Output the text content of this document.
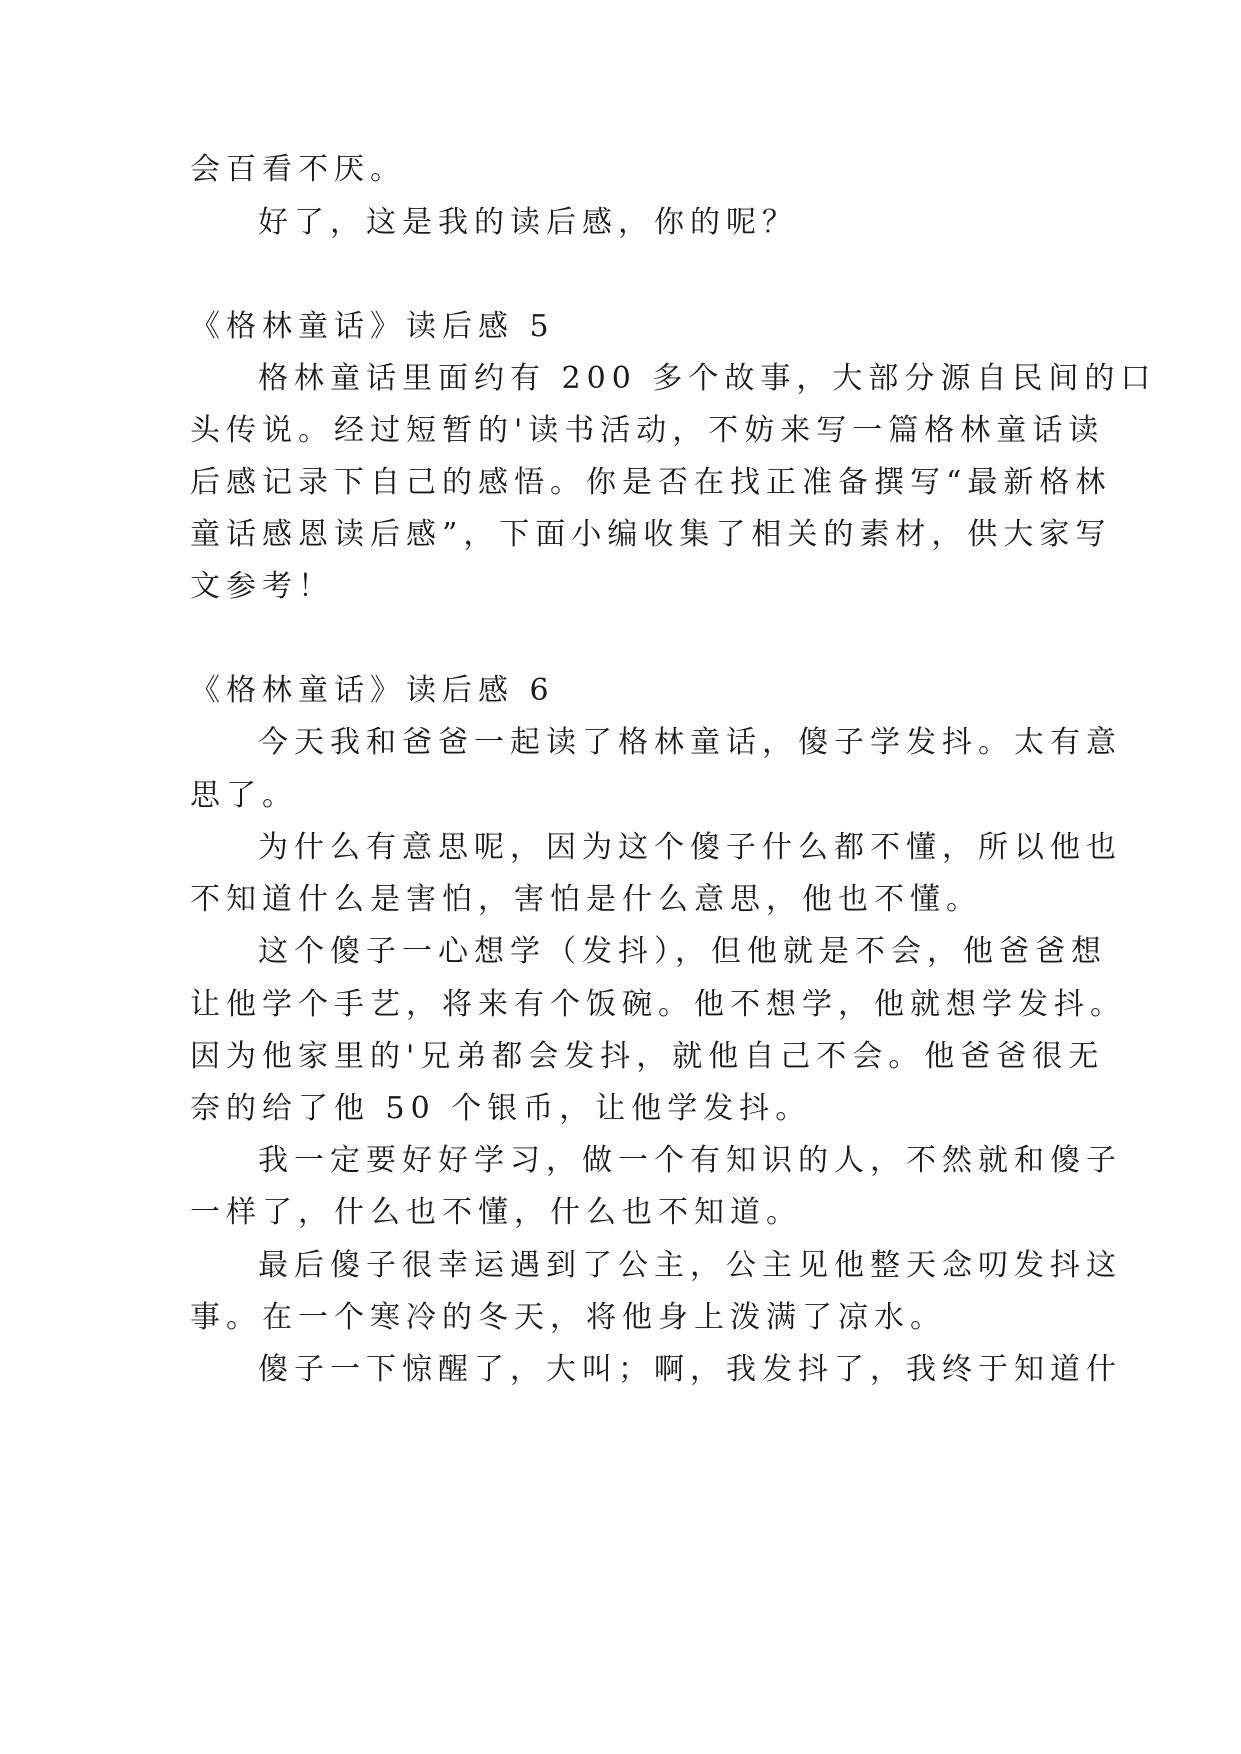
会百看不厌。

好了，这是我的读后感，你的呢？

《格林童话》读后感 5

格林童话里面约有 200 多个故事，大部分源自民间的口

头传说。经过短暂的'读书活动，不妨来写一篇格林童话读

后感记录下自己的感悟。你是否在找正准备撰写“最新格林

童话感恩读后感”，下面小编收集了相关的素材，供大家写

文参考！

《格林童话》读后感 6

今天我和爸爸一起读了格林童话，傻子学发抖。太有意

思了。

为什么有意思呢，因为这个傻子什么都不懂，所以他也

不知道什么是害怕，害怕是什么意思，他也不懂。

这个傻子一心想学（发抖），但他就是不会，他爸爸想

让他学个手艺，将来有个饭碗。他不想学，他就想学发抖。

因为他家里的'兄弟都会发抖，就他自己不会。他爸爸很无

奈的给了他 50 个银币，让他学发抖。

我一定要好好学习，做一个有知识的人，不然就和傻子

一样了，什么也不懂，什么也不知道。

最后傻子很幸运遇到了公主，公主见他整天念叨发抖这

事。在一个寒冷的冬天，将他身上泼满了凉水。

傻子一下惊醒了，大叫；啊，我发抖了，我终于知道什
